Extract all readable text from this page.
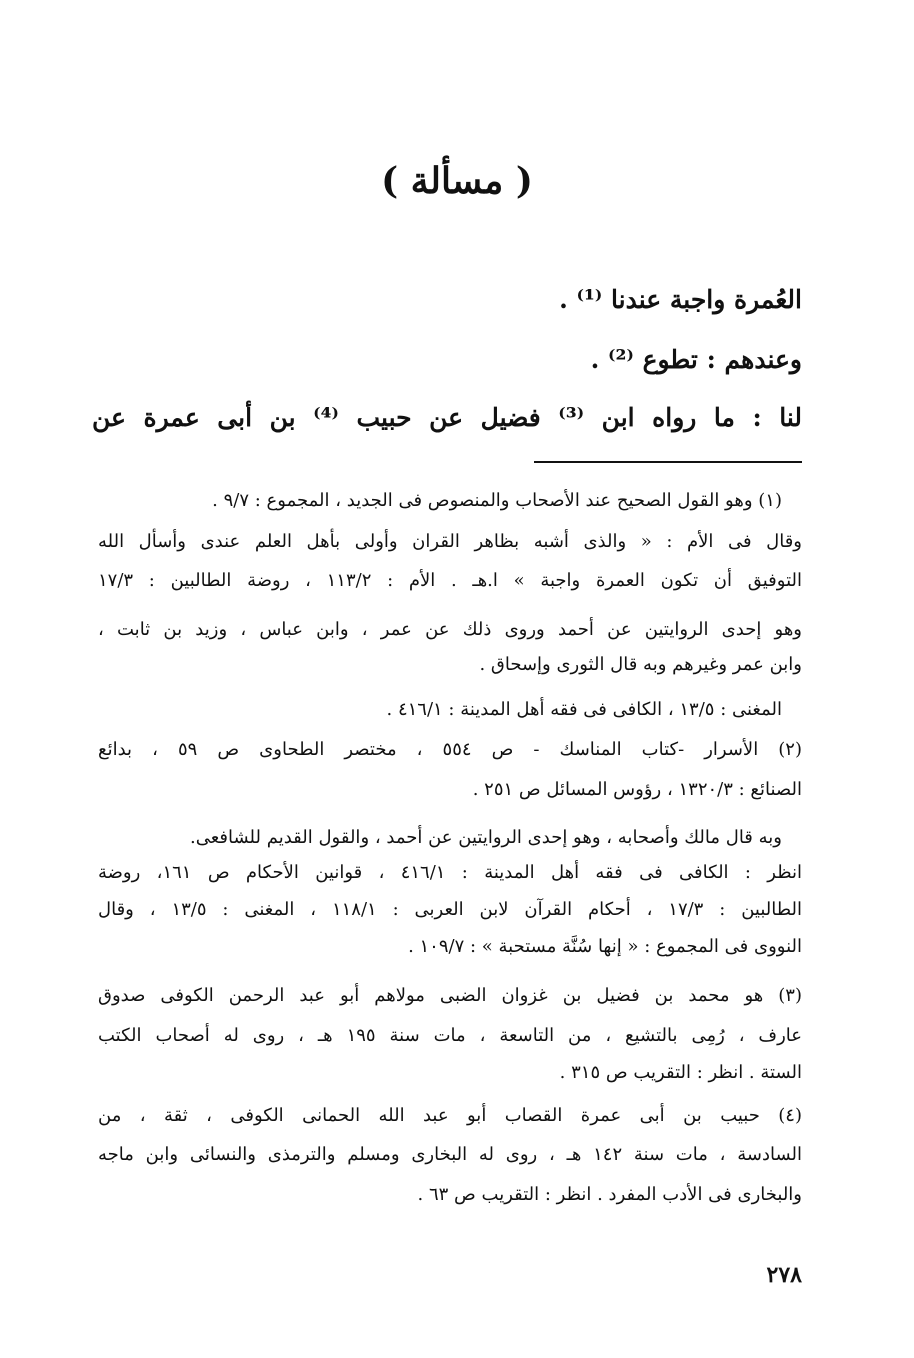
( مسألة )
العُمرة واجبة عندنا ⁽¹⁾ .
وعندهم : تطوع ⁽²⁾ .
لنا : ما رواه ابن ⁽³⁾ فضيل عن حبيب ⁽⁴⁾ بن أبى عمرة عن
(١) وهو القول الصحيح عند الأصحاب والمنصوص فى الجديد ، المجموع : ٩/٧ .
وقال فى الأم : « والذى أشبه بظاهر القران وأولى بأهل العلم عندى وأسأل الله
التوفيق أن تكون العمرة واجبة » ا.هـ . الأم : ١١٣/٢ ، روضة الطالبين : ١٧/٣
وهو إحدى الروايتين عن أحمد وروى ذلك عن عمر ، وابن عباس ، وزيد بن ثابت ،
وابن عمر وغيرهم وبه قال الثورى وإسحاق .
المغنى : ١٣/٥ ، الكافى فى فقه أهل المدينة : ٤١٦/١ .
(٢) الأسرار -كتاب المناسك - ص ٥٥٤ ، مختصر الطحاوى ص ٥٩ ، بدائع
الصنائع : ١٣٢٠/٣ ، رؤوس المسائل ص ٢٥١ .
وبه قال مالك وأصحابه ، وهو إحدى الروايتين عن أحمد ، والقول القديم للشافعى.
انظر : الكافى فى فقه أهل المدينة : ٤١٦/١ ، قوانين الأحكام ص ١٦١، روضة
الطالبين : ١٧/٣ ، أحكام القرآن لابن العربى : ١١٨/١ ، المغنى : ١٣/٥ ، وقال
النووى فى المجموع : « إنها سُنَّة مستحبة » : ١٠٩/٧ .
(٣) هو محمد بن فضيل بن غزوان الضبى مولاهم أبو عبد الرحمن الكوفى صدوق
عارف ، رُمِى بالتشيع ، من التاسعة ، مات سنة ١٩٥ هـ ، روى له أصحاب الكتب
الستة . انظر : التقريب ص ٣١٥ .
(٤) حبيب بن أبى عمرة القصاب أبو عبد الله الحمانى الكوفى ، ثقة ، من
السادسة ، مات سنة ١٤٢ هـ ، روى له البخارى ومسلم والترمذى والنسائى وابن ماجه
والبخارى فى الأدب المفرد . انظر : التقريب ص ٦٣ .
٢٧٨
